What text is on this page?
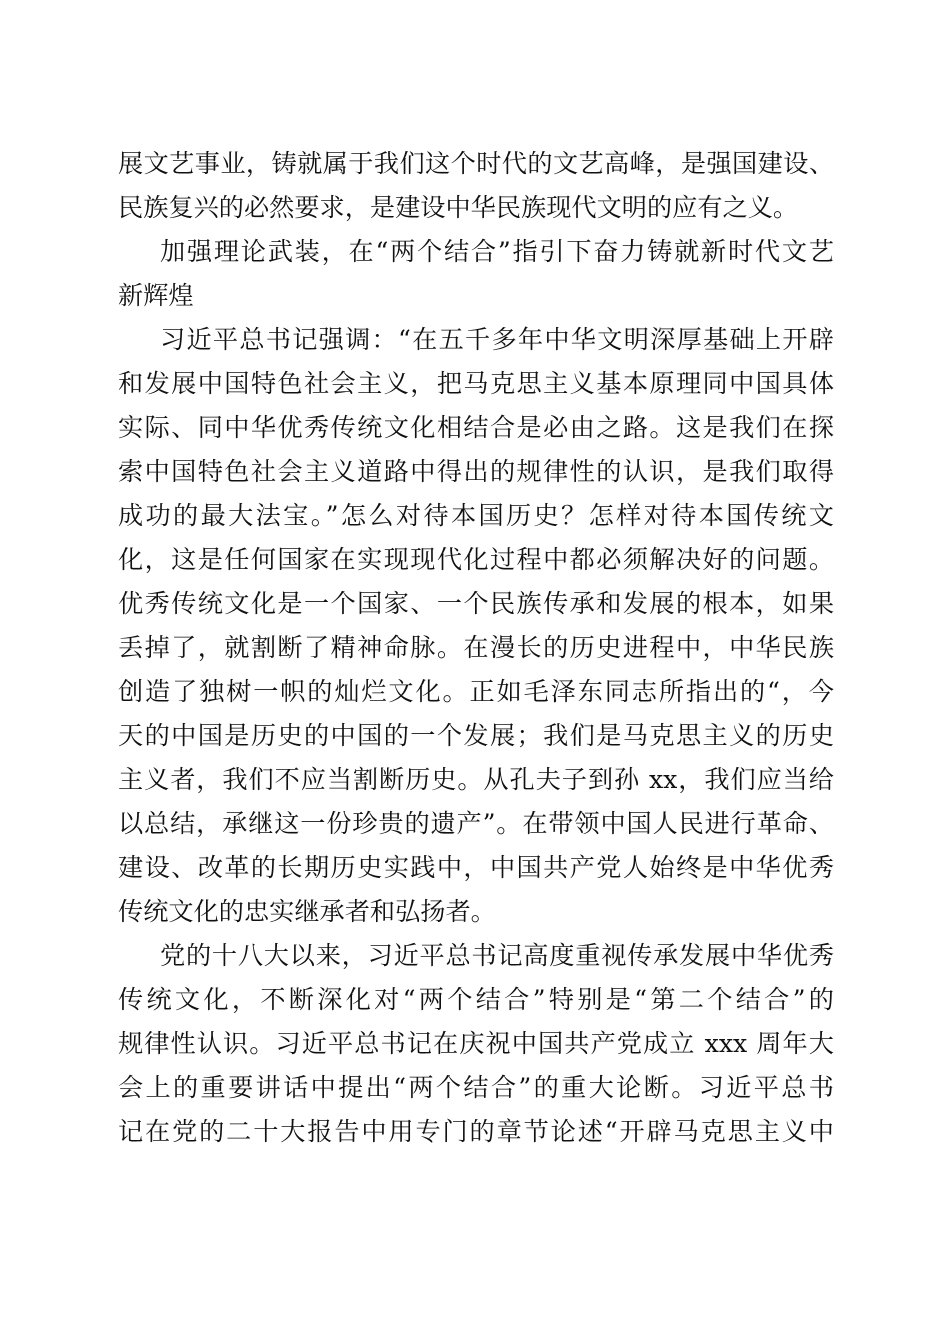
展文艺事业，铸就属于我们这个时代的文艺高峰，是强国建设、
民族复兴的必然要求，是建设中华民族现代文明的应有之义。
加强理论武装，在“两个结合”指引下奋力铸就新时代文艺
新辉煌
习近平总书记强调：“在五千多年中华文明深厚基础上开辟
和发展中国特色社会主义，把马克思主义基本原理同中国具体
实际、同中华优秀传统文化相结合是必由之路。这是我们在探
索中国特色社会主义道路中得出的规律性的认识，是我们取得
成功的最大法宝。”怎么对待本国历史？怎样对待本国传统文
化，这是任何国家在实现现代化过程中都必须解决好的问题。
优秀传统文化是一个国家、一个民族传承和发展的根本，如果
丢掉了，就割断了精神命脉。在漫长的历史进程中，中华民族
创造了独树一帜的灿烂文化。正如毛泽东同志所指出的“，今
天的中国是历史的中国的一个发展；我们是马克思主义的历史
主义者，我们不应当割断历史。从孔夫子到孙 xx，我们应当给
以总结，承继这一份珍贵的遗产”。在带领中国人民进行革命、
建设、改革的长期历史实践中，中国共产党人始终是中华优秀
传统文化的忠实继承者和弘扬者。
党的十八大以来，习近平总书记高度重视传承发展中华优秀
传统文化，不断深化对“两个结合”特别是“第二个结合”的
规律性认识。习近平总书记在庆祝中国共产党成立 xxx 周年大
会上的重要讲话中提出“两个结合”的重大论断。习近平总书
记在党的二十大报告中用专门的章节论述“开辟马克思主义中
